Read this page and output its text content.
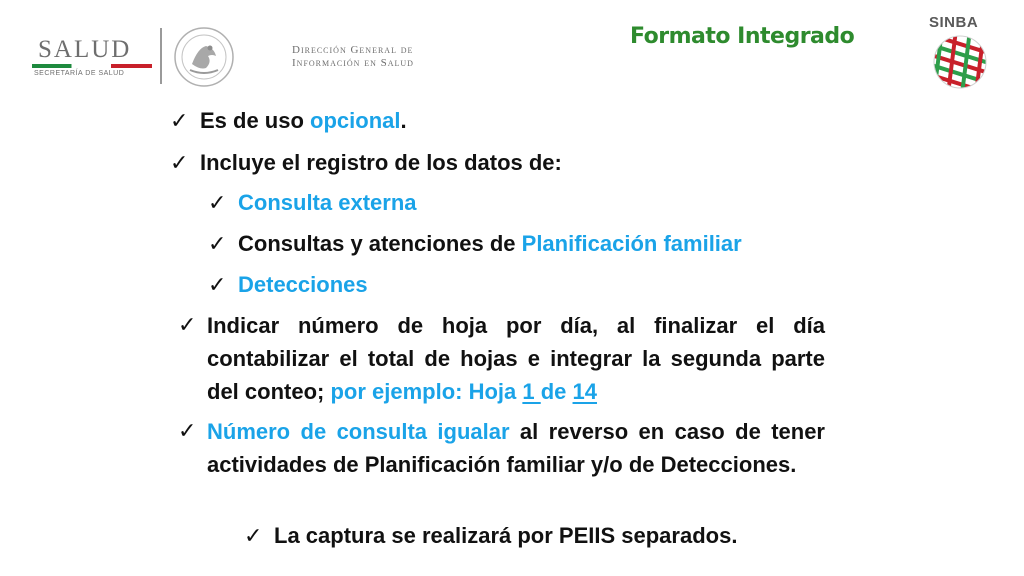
SALUD
SECRETARÍA DE SALUD
Dirección General de
Información en Salud
Formato Integrado
SINBA
✓ Es de uso opcional.
✓ Incluye el registro de los datos de:
✓ Consulta externa
✓ Consultas y atenciones de Planificación familiar
✓ Detecciones
✓ Indicar número de hoja por día, al finalizar el día contabilizar el total de hojas e integrar la segunda parte del conteo; por ejemplo: Hoja 1 de 14
✓ Número de consulta igualar al reverso en caso de tener actividades de Planificación familiar y/o de Detecciones.
✓ La captura se realizará por PEIIS separados.
